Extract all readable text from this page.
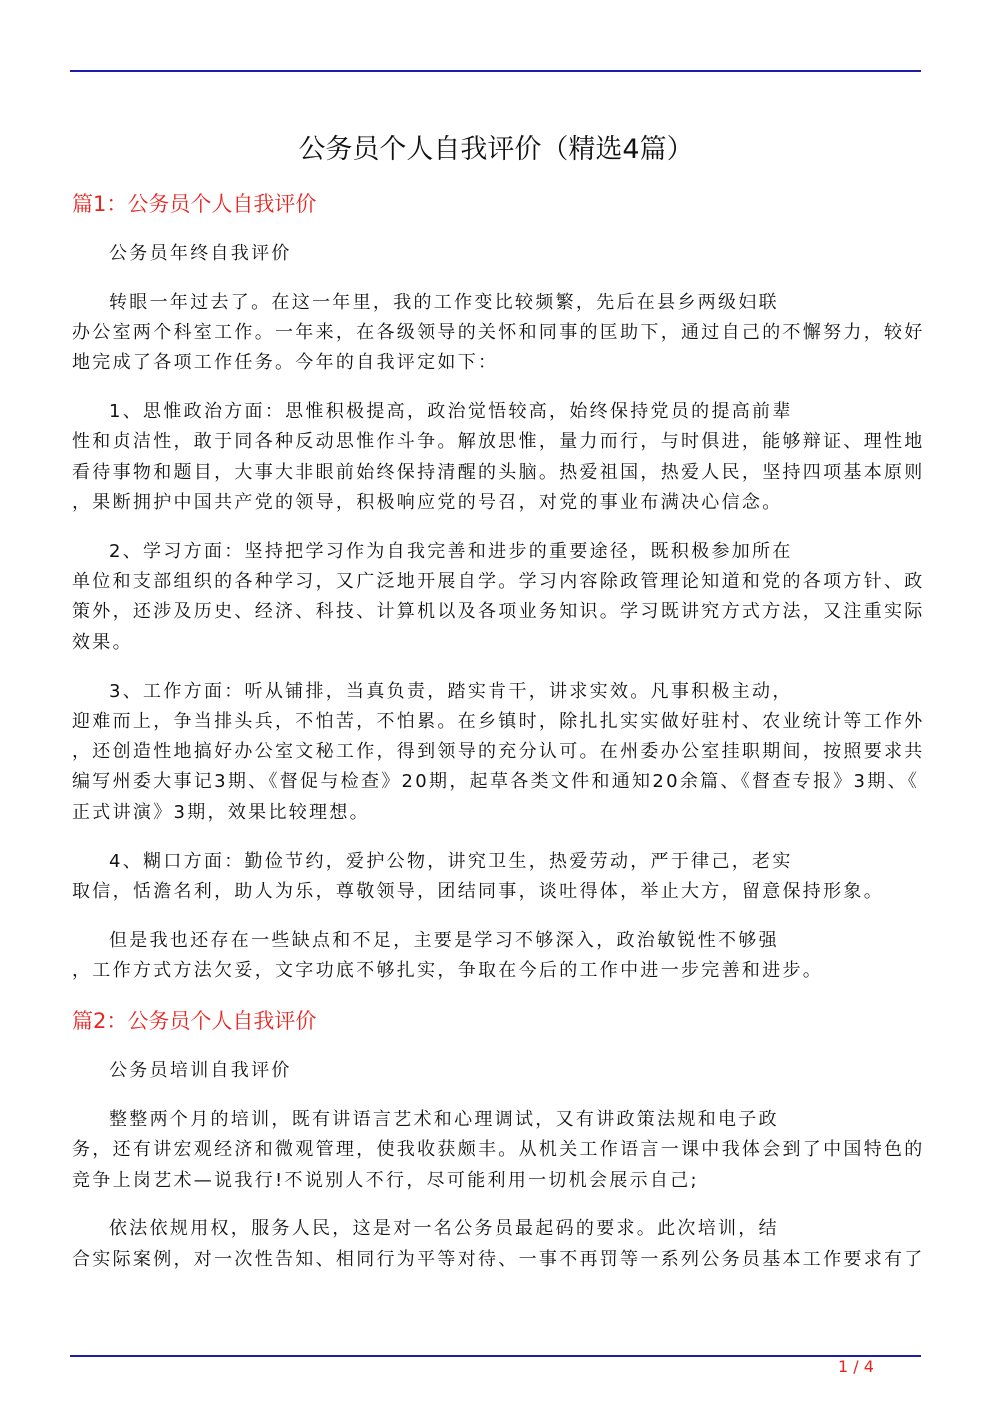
公务员个人自我评价（精选4篇）
篇1：公务员个人自我评价
公务员年终自我评价
转眼一年过去了。在这一年里，我的工作变比较频繁，先后在县乡两级妇联
办公室两个科室工作。一年来，在各级领导的关怀和同事的匡助下，通过自己的不懈努力，较好
地完成了各项工作任务。今年的自我评定如下：
1、思惟政治方面：思惟积极提高，政治觉悟较高，始终保持党员的提高前辈
性和贞洁性，敢于同各种反动思惟作斗争。解放思惟，量力而行，与时俱进，能够辩证、理性地
看待事物和题目，大事大非眼前始终保持清醒的头脑。热爱祖国，热爱人民，坚持四项基本原则
，果断拥护中国共产党的领导，积极响应党的号召，对党的事业布满决心信念。
2、学习方面：坚持把学习作为自我完善和进步的重要途径，既积极参加所在
单位和支部组织的各种学习，又广泛地开展自学。学习内容除政管理论知道和党的各项方针、政
策外，还涉及历史、经济、科技、计算机以及各项业务知识。学习既讲究方式方法，又注重实际
效果。
3、工作方面：听从铺排，当真负责，踏实肯干，讲求实效。凡事积极主动，
迎难而上，争当排头兵，不怕苦，不怕累。在乡镇时，除扎扎实实做好驻村、农业统计等工作外
，还创造性地搞好办公室文秘工作，得到领导的充分认可。在州委办公室挂职期间，按照要求共
编写州委大事记3期、《督促与检查》20期，起草各类文件和通知20余篇、《督查专报》3期、《
正式讲演》3期，效果比较理想。
4、糊口方面：勤俭节约，爱护公物，讲究卫生，热爱劳动，严于律己，老实
取信，恬澹名利，助人为乐，尊敬领导，团结同事，谈吐得体，举止大方，留意保持形象。
但是我也还存在一些缺点和不足，主要是学习不够深入，政治敏锐性不够强
，工作方式方法欠妥，文字功底不够扎实，争取在今后的工作中进一步完善和进步。
篇2：公务员个人自我评价
公务员培训自我评价
整整两个月的培训，既有讲语言艺术和心理调试，又有讲政策法规和电子政
务，还有讲宏观经济和微观管理，使我收获颇丰。从机关工作语言一课中我体会到了中国特色的
竞争上岗艺术—说我行!不说别人不行，尽可能利用一切机会展示自己;
依法依规用权，服务人民，这是对一名公务员最起码的要求。此次培训，结
合实际案例，对一次性告知、相同行为平等对待、一事不再罚等一系列公务员基本工作要求有了
1 / 4
